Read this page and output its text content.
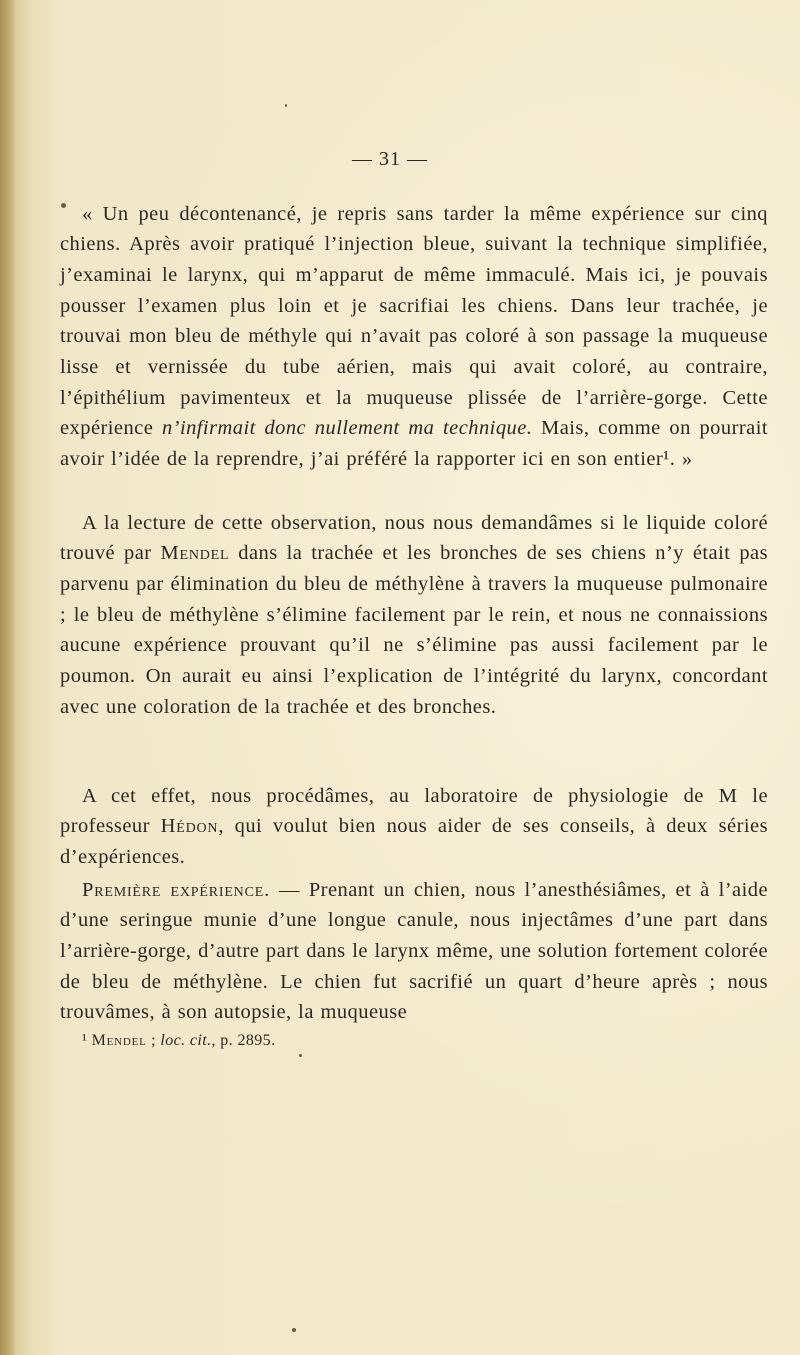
— 31 —

« Un peu décontenancé, je repris sans tarder la même expérience sur cinq chiens. Après avoir pratiqué l’injection bleue, suivant la technique simplifiée, j’examinai le larynx, qui m’apparut de même immaculé. Mais ici, je pouvais pousser l’examen plus loin et je sacrifiai les chiens. Dans leur trachée, je trouvai mon bleu de méthyle qui n’avait pas coloré à son passage la muqueuse lisse et vernissée du tube aérien, mais qui avait coloré, au contraire, l’épithélium pavimenteux et la muqueuse plissée de l’arrière-gorge. Cette expérience n’infirmait donc nullement ma technique. Mais, comme on pourrait avoir l’idée de la reprendre, j’ai préféré la rapporter ici en son entier¹. »

A la lecture de cette observation, nous nous demandâmes si le liquide coloré trouvé par Mendel dans la trachée et les bronches de ses chiens n’y était pas parvenu par élimination du bleu de méthylène à travers la muqueuse pulmonaire ; le bleu de méthylène s’élimine facilement par le rein, et nous ne connaissions aucune expérience prouvant qu’il ne s’élimine pas aussi facilement par le poumon. On aurait eu ainsi l’explication de l’intégrité du larynx, concordant avec une coloration de la trachée et des bronches.

A cet effet, nous procédâmes, au laboratoire de physiologie de M le professeur Hédon, qui voulut bien nous aider de ses conseils, à deux séries d’expériences.

Première expérience. — Prenant un chien, nous l’anesthésiâmes, et à l’aide d’une seringue munie d’une longue canule, nous injectâmes d’une part dans l’arrière-gorge, d’autre part dans le larynx même, une solution fortement colorée de bleu de méthylène. Le chien fut sacrifié un quart d’heure après ; nous trouvâmes, à son autopsie, la muqueuse

¹ Mendel ; loc. cit., p. 2895.
